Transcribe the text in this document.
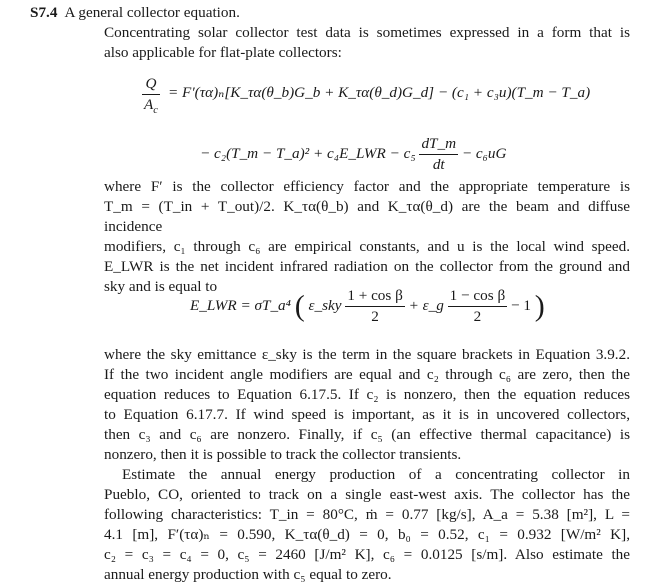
S7.4 A general collector equation.
Concentrating solar collector test data is sometimes expressed in a form that is
also applicable for flat-plate collectors:
$\frac{Q}{A_c}$ = F′(τα)ₙ[K_τα(θ_b)G_b + K_τα(θ_d)G_d] − (c₁ + c₃u)(T_m − T_a)
− c₂(T_m − T_a)² + c₄E_LWR − $c_5 \frac{dT\_m}{dt} - c_6uG$
where F′ is the collector efficiency factor and the appropriate temperature is
T_m = (T_in + T_out)/2. K_τα(θ_b) and K_τα(θ_d) are the beam and diffuse incidence
modifiers, c₁ through c₆ are empirical constants, and u is the local wind speed.
E_LWR is the net incident infrared radiation on the collector from the ground and
sky and is equal to
E_LWR = σT_a⁴ ( ε_sky $\frac{\text{1 + cos β}}{2}$ + ε_g $\frac{\text{1 − cos β}}{2} - 1$ )
where the sky emittance ε_sky is the term in the square brackets in Equation 3.9.2.
If the two incident angle modifiers are equal and c₂ through c₆ are zero, then the
equation reduces to Equation 6.17.5. If c₂ is nonzero, then the equation reduces
to Equation 6.17.7. If wind speed is important, as it is in uncovered collectors,
then c₃ and c₆ are nonzero. Finally, if c₅ (an effective thermal capacitance) is
nonzero, then it is possible to track the collector transients.
Estimate the annual energy production of a concentrating collector in
Pueblo, CO, oriented to track on a single east-west axis. The collector has the
following characteristics: T_in = 80°C, ṁ = 0.77 [kg/s], A_a = 5.38 [m²], L =
4.1 [m], F′(τα)ₙ = 0.590, K_τα(θ_d) = 0, b₀ = 0.52, c₁ = 0.932 [W/m² K],
c₂ = c₃ = c₄ = 0, c₅ = 2460 [J/m² K], c₆ = 0.0125 [s/m]. Also estimate the
annual energy production with c₅ equal to zero.
